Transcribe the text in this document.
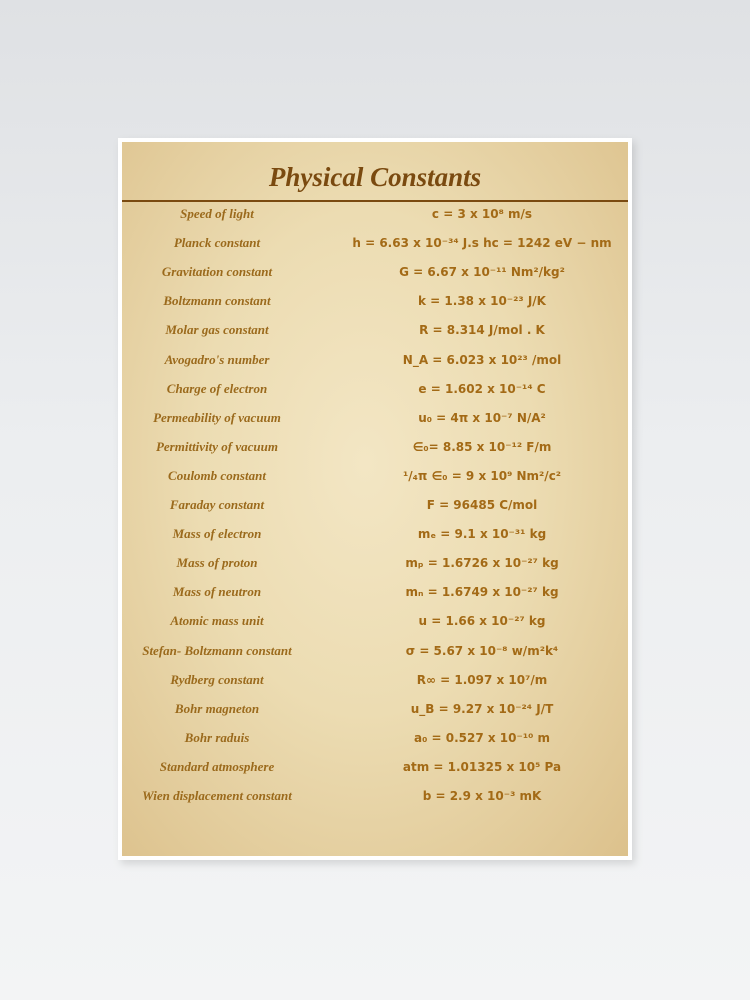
Physical Constants
Speed of light	c = 3 x 10⁸ m/s
Planck constant	h = 6.63 x 10⁻³⁴ J.s hc = 1242 eV − nm
Gravitation constant	G = 6.67 x 10⁻¹¹ Nm²/kg²
Boltzmann constant	k = 1.38 x 10⁻²³ J/K
Molar gas constant	R = 8.314 J/mol . K
Avogadro's number	N_A = 6.023 x 10²³ /mol
Charge of electron	e = 1.602 x 10⁻¹⁴ C
Permeability of vacuum	u₀ = 4π x 10⁻⁷ N/A²
Permittivity of vacuum	∈₀= 8.85 x 10⁻¹² F/m
Coulomb constant	¹/₄π ∈₀ = 9 x 10⁹ Nm²/c²
Faraday constant	F = 96485 C/mol
Mass of electron	mₑ = 9.1 x 10⁻³¹ kg
Mass of proton	mₚ = 1.6726 x 10⁻²⁷ kg
Mass of neutron	mₙ = 1.6749 x 10⁻²⁷ kg
Atomic mass unit	u = 1.66 x 10⁻²⁷ kg
Stefan- Boltzmann constant	σ = 5.67 x 10⁻⁸ w/m²k⁴
Rydberg constant	R∞ = 1.097 x 10⁷/m
Bohr magneton	u_B = 9.27 x 10⁻²⁴ J/T
Bohr raduis	a₀ = 0.527 x 10⁻¹⁰ m
Standard atmosphere	atm = 1.01325 x 10⁵ Pa
Wien displacement constant	b = 2.9 x 10⁻³ mK
